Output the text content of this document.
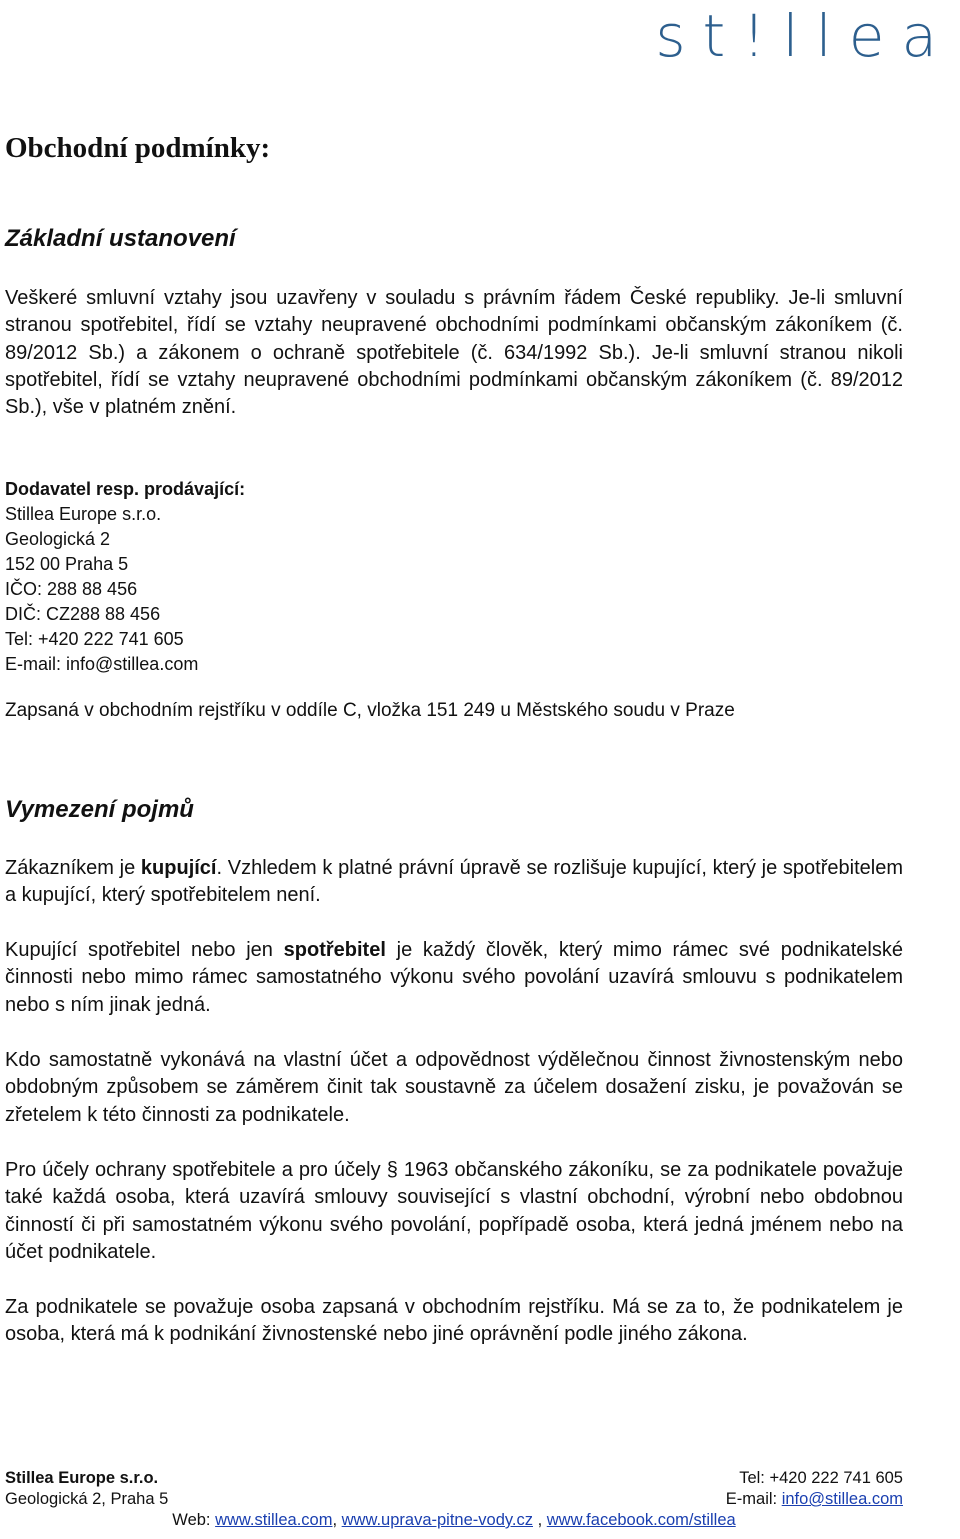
st!llea
Obchodní podmínky:
Základní ustanovení

Veškeré smluvní vztahy jsou uzavřeny v souladu s právním řádem České republiky. Je-li smluvní stranou spotřebitel, řídí se vztahy neupravené obchodními podmínkami občanským zákoníkem (č. 89/2012 Sb.) a zákonem o ochraně spotřebitele (č. 634/1992 Sb.). Je-li smluvní stranou nikoli spotřebitel, řídí se vztahy neupravené obchodními podmínkami občanským zákoníkem (č. 89/2012 Sb.), vše v platném znění.

Dodavatel resp. prodávající:
Stillea Europe s.r.o.
Geologická 2
152 00 Praha 5
IČO: 288 88 456
DIČ: CZ288 88 456
Tel: +420 222 741 605
E-mail: info@stillea.com

Zapsaná v obchodním rejstříku v oddíle C, vložka 151 249 u Městského soudu v Praze

Vymezení pojmů

Zákazníkem je kupující. Vzhledem k platné právní úpravě se rozlišuje kupující, který je spotřebitelem a kupující, který spotřebitelem není.

Kupující spotřebitel nebo jen spotřebitel je každý člověk, který mimo rámec své podnikatelské činnosti nebo mimo rámec samostatného výkonu svého povolání uzavírá smlouvu s podnikatelem nebo s ním jinak jedná.

Kdo samostatně vykonává na vlastní účet a odpovědnost výdělečnou činnost živnostenským nebo obdobným způsobem se záměrem činit tak soustavně za účelem dosažení zisku, je považován se zřetelem k této činnosti za podnikatele.

Pro účely ochrany spotřebitele a pro účely § 1963 občanského zákoníku, se za podnikatele považuje také každá osoba, která uzavírá smlouvy související s vlastní obchodní, výrobní nebo obdobnou činností či při samostatném výkonu svého povolání, popřípadě osoba, která jedná jménem nebo na účet podnikatele.

Za podnikatele se považuje osoba zapsaná v obchodním rejstříku. Má se za to, že podnikatelem je osoba, která má k podnikání živnostenské nebo jiné oprávnění podle jiného zákona.

Stillea Europe s.r.o.	Tel: +420 222 741 605
Geologická 2, Praha 5	E-mail: info@stillea.com
Web: www.stillea.com, www.uprava-pitne-vody.cz , www.facebook.com/stillea
